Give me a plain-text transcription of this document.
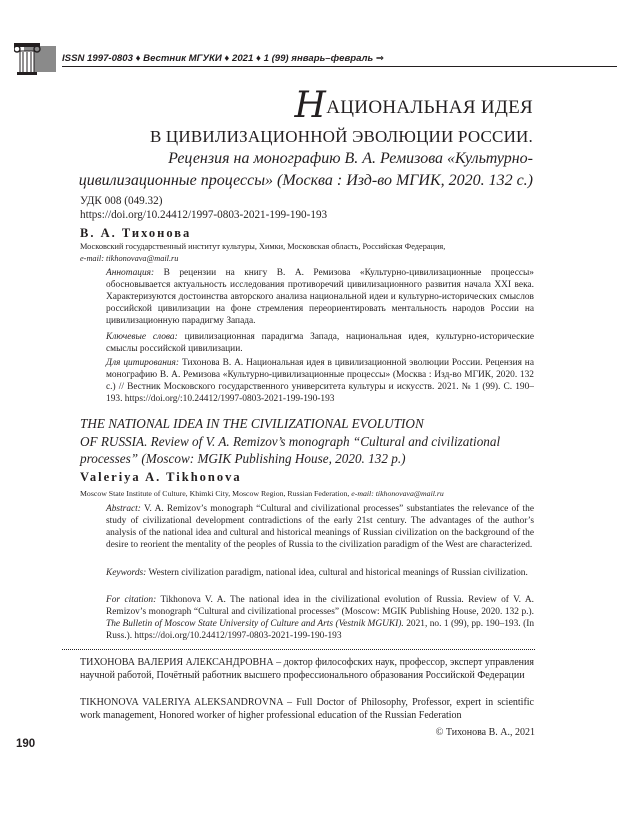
ISSN 1997-0803 ♦ Вестник МГУКИ ♦ 2021 ♦ 1 (99) январь–февраль ⇒
НАЦИОНАЛЬНАЯ ИДЕЯ
В ЦИВИЛИЗАЦИОННОЙ ЭВОЛЮЦИИ РОССИИ.
Рецензия на монографию В. А. Ремизова «Культурно-
цивилизационные процессы» (Москва : Изд-во МГИК, 2020. 132 с.)
УДК 008 (049.32)
https://doi.org/10.24412/1997-0803-2021-199-190-193
В. А. Тихонова
Московский государственный институт культуры, Химки, Московская область, Российская Федерация,
e-mail: tikhonovava@mail.ru
Аннотация: В рецензии на книгу В. А. Ремизова «Культурно-цивилизационные процессы» обосновывается актуальность исследования противоречий цивилизационного развития начала XXI века. Характеризуются достоинства авторского анализа национальной идеи и культурно-исторических смыслов российской цивилизации на фоне стремления переориентировать ментальность народов России на цивилизационную парадигму Запада.
Ключевые слова: цивилизационная парадигма Запада, национальная идея, культурно-исторические смыслы российской цивилизации.
Для цитирования: Тихонова В. А. Национальная идея в цивилизационной эволюции России. Рецензия на монографию В. А. Ремизова «Культурно-цивилизационные процессы» (Москва : Изд-во МГИК, 2020. 132 с.) // Вестник Московского государственного университета культуры и искусств. 2021. № 1 (99). С. 190–193. https://doi.org/:10.24412/1997-0803-2021-199-190-193
THE NATIONAL IDEA IN THE CIVILIZATIONAL EVOLUTION
OF RUSSIA. Review of V. A. Remizov’s monograph “Cultural and civilizational
processes” (Moscow: MGIK Publishing House, 2020. 132 p.)
Valeriya A. Tikhonova
Moscow State Institute of Culture, Khimki City, Moscow Region, Russian Federation, e-mail: tikhonovava@mail.ru
Abstract: V. A. Remizov’s monograph “Cultural and civilizational processes” substantiates the relevance of the study of civilizational development contradictions of the early 21st century. The advantages of the author’s analysis of the national idea and cultural and historical meanings of Russian civilization on the background of the desire to reorient the mentality of the peoples of Russia to the civilization paradigm of the West are characterized.
Keywords: Western civilization paradigm, national idea, cultural and historical meanings of Russian civilization.
For citation: Tikhonova V. A. The national idea in the civilizational evolution of Russia. Review of V. A. Remizov’s monograph “Cultural and civilizational processes” (Moscow: MGIK Publishing House, 2020. 132 p.). The Bulletin of Moscow State University of Culture and Arts (Vestnik MGUKI). 2021, no. 1 (99), pp. 190–193. (In Russ.). https://doi.org/10.24412/1997-0803-2021-199-190-193
ТИХОНОВА ВАЛЕРИЯ АЛЕКСАНДРОВНА – доктор философских наук, профессор, эксперт управления научной работой, Почётный работник высшего профессионального образования Российской Федерации
TIKHONOVA VALERIYA ALEKSANDROVNA – Full Doctor of Philosophy, Professor, expert in scientific work management, Honored worker of higher professional education of the Russian Federation
© Тихонова В. А., 2021
190
